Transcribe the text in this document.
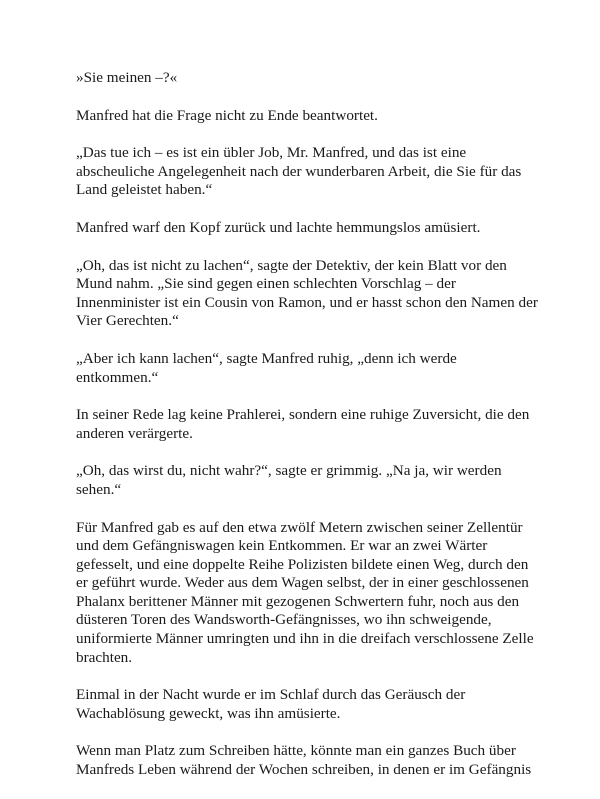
»Sie meinen –?«

Manfred hat die Frage nicht zu Ende beantwortet.

„Das tue ich – es ist ein übler Job, Mr. Manfred, und das ist eine
abscheuliche Angelegenheit nach der wunderbaren Arbeit, die Sie für das
Land geleistet haben.“

Manfred warf den Kopf zurück und lachte hemmungslos amüsiert.

„Oh, das ist nicht zu lachen“, sagte der Detektiv, der kein Blatt vor den
Mund nahm. „Sie sind gegen einen schlechten Vorschlag – der
Innenminister ist ein Cousin von Ramon, und er hasst schon den Namen der
Vier Gerechten.“

„Aber ich kann lachen“, sagte Manfred ruhig, „denn ich werde
entkommen.“

In seiner Rede lag keine Prahlerei, sondern eine ruhige Zuversicht, die den
anderen verärgerte.

„Oh, das wirst du, nicht wahr?“, sagte er grimmig. „Na ja, wir werden
sehen.“

Für Manfred gab es auf den etwa zwölf Metern zwischen seiner Zellentür
und dem Gefängniswagen kein Entkommen. Er war an zwei Wärter
gefesselt, und eine doppelte Reihe Polizisten bildete einen Weg, durch den
er geführt wurde. Weder aus dem Wagen selbst, der in einer geschlossenen
Phalanx berittener Männer mit gezogenen Schwertern fuhr, noch aus den
düsteren Toren des Wandsworth-Gefängnisses, wo ihn schweigende,
uniformierte Männer umringten und ihn in die dreifach verschlossene Zelle
brachten.

Einmal in der Nacht wurde er im Schlaf durch das Geräusch der
Wachablösung geweckt, was ihn amüsierte.

Wenn man Platz zum Schreiben hätte, könnte man ein ganzes Buch über
Manfreds Leben während der Wochen schreiben, in denen er im Gefängnis
